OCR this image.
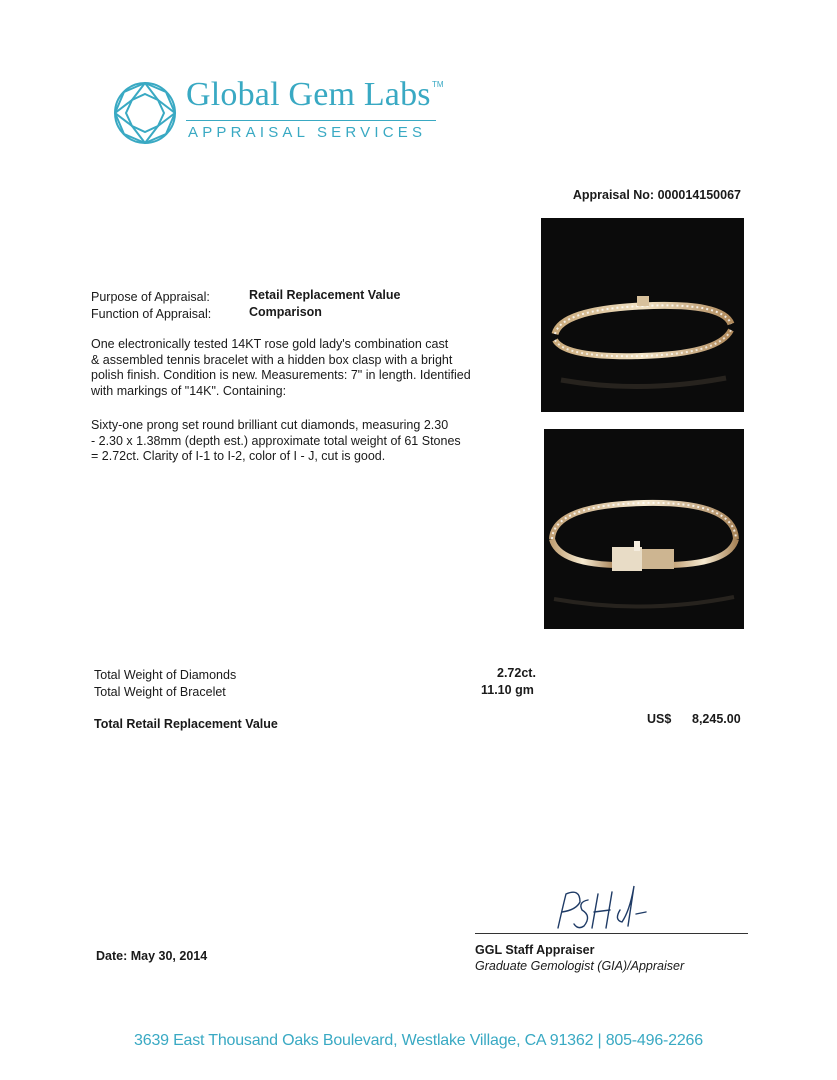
Global Gem Labs TM
APPRAISAL SERVICES
Appraisal No: 000014150067
Purpose of Appraisal:	Retail Replacement Value
Function of Appraisal:	Comparison
One electronically tested 14KT rose gold lady's combination cast
& assembled tennis bracelet with a hidden box clasp with a bright
polish finish. Condition is new. Measurements: 7" in length. Identified
with markings of "14K". Containing:
Sixty-one prong set round brilliant cut diamonds, measuring 2.30
- 2.30 x 1.38mm (depth est.) approximate total weight of 61 Stones
= 2.72ct. Clarity of I-1 to I-2, color of I - J, cut is good.
Total Weight of Diamonds	2.72ct.
Total Weight of Bracelet	11.10 gm
Total Retail Replacement Value	US$ 8,245.00
GGL Staff Appraiser
Graduate Gemologist (GIA)/Appraiser
Date: May 30, 2014
3639 East Thousand Oaks Boulevard, Westlake Village, CA 91362 | 805-496-2266
